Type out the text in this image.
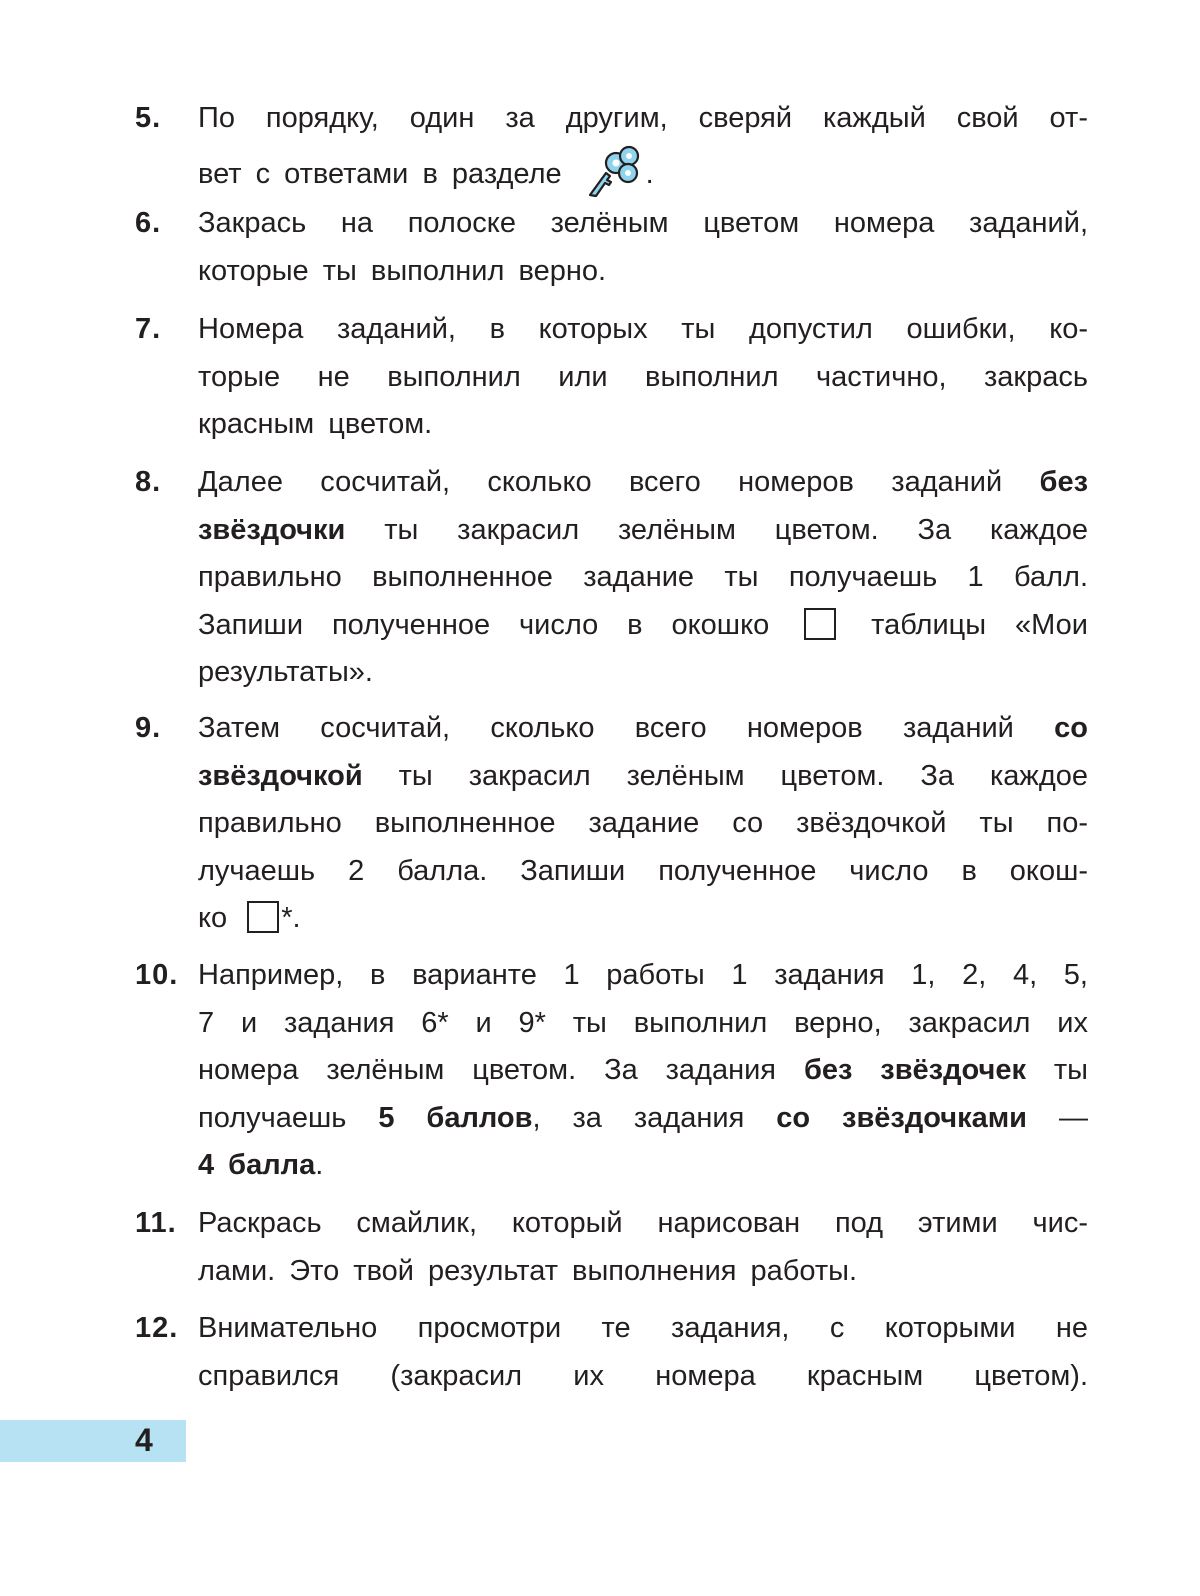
5. По порядку, один за другим, сверяй каждый свой от-
вет с ответами в разделе	.
6. Закрась на полоске зелёным цветом номера заданий,
которые ты выполнил верно.
7. Номера заданий, в которых ты допустил ошибки, ко-
торые не выполнил или выполнил частично, закрась
красным цветом.
8. Далее сосчитай, сколько всего номеров заданий без
звёздочки ты закрасил зелёным цветом. За каждое
правильно выполненное задание ты получаешь 1 балл.
Запиши полученное число в окошко	таблицы «Мои
результаты».
9. Затем сосчитай, сколько всего номеров заданий со
звёздочкой ты закрасил зелёным цветом. За каждое
правильно выполненное задание со звёздочкой ты по-
лучаешь 2 балла. Запиши полученное число в окош-
ко *.
10. Например, в варианте 1 работы 1 задания 1, 2, 4, 5,
7 и задания 6* и 9* ты выполнил верно, закрасил их
номера зелёным цветом. За задания без звёздочек ты
получаешь 5 баллов, за задания со звёздочками —
4 балла.
11. Раскрась смайлик, который нарисован под этими чис-
лами. Это твой результат выполнения работы.
12. Внимательно просмотри те задания, с которыми не
справился (закрасил их номера красным цветом).
4
